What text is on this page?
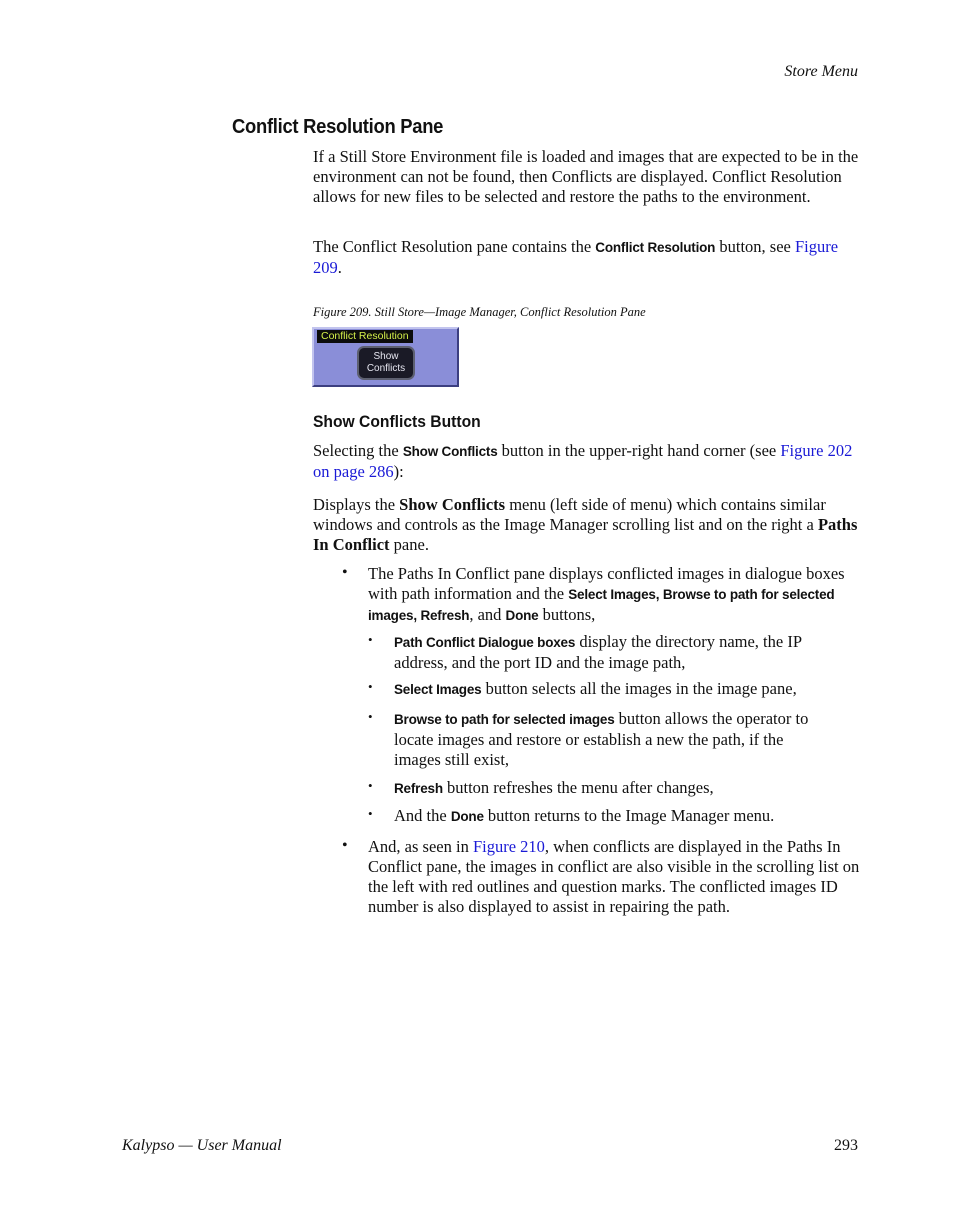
Store Menu
Conflict Resolution Pane

If a Still Store Environment file is loaded and images that are expected to be in the environment can not be found, then Conflicts are displayed. Conflict Resolution allows for new files to be selected and restore the paths to the environment.

The Conflict Resolution pane contains the Conflict Resolution button, see Figure 209.

Figure 209. Still Store—Image Manager, Conflict Resolution Pane
Conflict Resolution
Show
Conflicts
Show Conflicts Button

Selecting the Show Conflicts button in the upper-right hand corner (see Figure 202 on page 286):

Displays the Show Conflicts menu (left side of menu) which contains similar windows and controls as the Image Manager scrolling list and on the right a Paths In Conflict pane.

• The Paths In Conflict pane displays conflicted images in dialogue boxes with path information and the Select Images, Browse to path for selected images, Refresh, and Done buttons,
• Path Conflict Dialogue boxes display the directory name, the IP address, and the port ID and the image path,
• Select Images button selects all the images in the image pane,
• Browse to path for selected images button allows the operator to locate images and restore or establish a new the path, if the images still exist,
• Refresh button refreshes the menu after changes,
• And the Done button returns to the Image Manager menu.
• And, as seen in Figure 210, when conflicts are displayed in the Paths In Conflict pane, the images in conflict are also visible in the scrolling list on the left with red outlines and question marks. The conflicted images ID number is also displayed to assist in repairing the path.
Kalypso — User Manual	293
